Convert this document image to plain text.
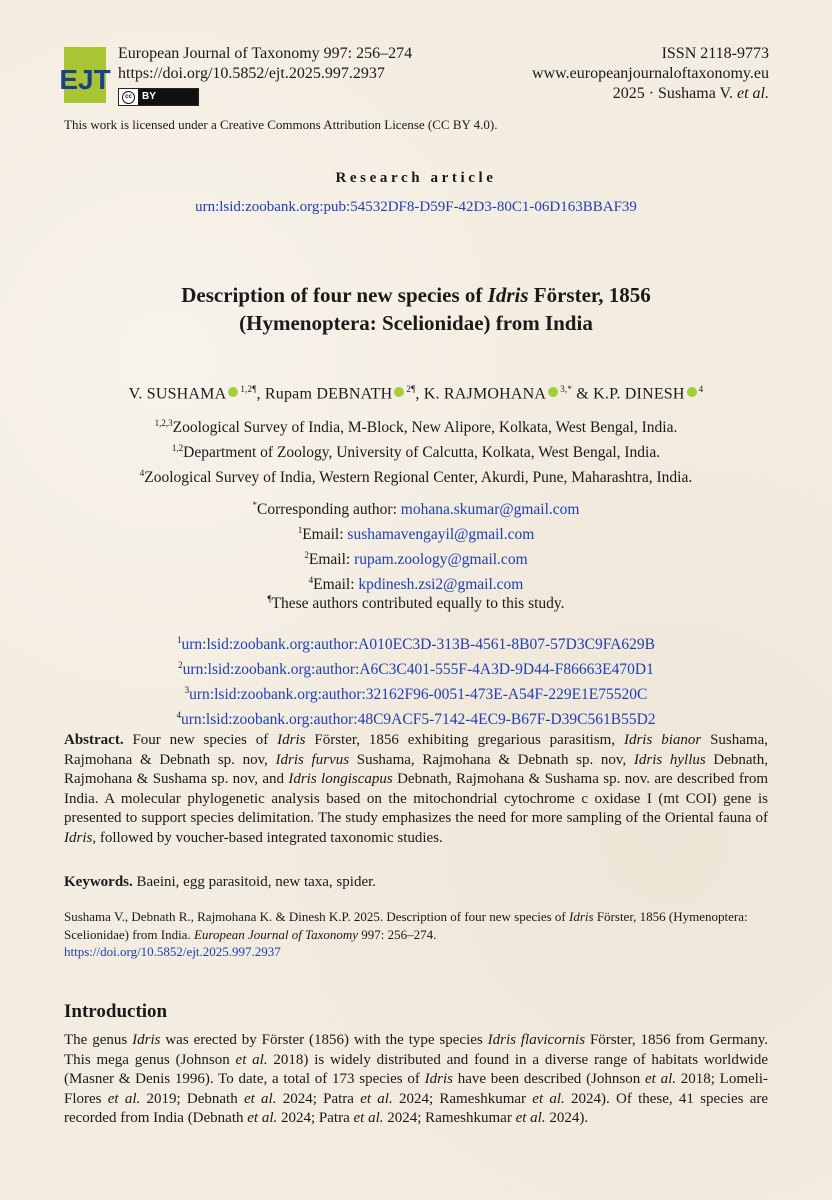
EJT
European Journal of Taxonomy 997: 256–274
https://doi.org/10.5852/ejt.2025.997.2937
cc	BY
ISSN 2118-9773
www.europeanjournaloftaxonomy.eu
2025 · Sushama V. et al.
This work is licensed under a Creative Commons Attribution License (CC BY 4.0).
Research article
urn:lsid:zoobank.org:pub:54532DF8-D59F-42D3-80C1-06D163BBAF39
Description of four new species of Idris Förster, 1856
(Hymenoptera: Scelionidae) from India
V. SUSHAMA $^{1,2\P}$, Rupam DEBNATH $^{2\P}$, K. RAJMOHANA $^{3,*}$ & K.P. DINESH $^4$
$^{1,2,3}$Zoological Survey of India, M-Block, New Alipore, Kolkata, West Bengal, India.
$^{1,2}$Department of Zoology, University of Calcutta, Kolkata, West Bengal, India.
$^4$Zoological Survey of India, Western Regional Center, Akurdi, Pune, Maharashtra, India.
*Corresponding author: mohana.skumar@gmail.com
$^1$Email: sushamavengayil@gmail.com
$^2$Email: rupam.zoology@gmail.com
$^4$Email: kpdinesh.zsi2@gmail.com
¶These authors contributed equally to this study.
$^1$urn:lsid:zoobank.org:author:A010EC3D-313B-4561-8B07-57D3C9FA629B
$^2$urn:lsid:zoobank.org:author:A6C3C401-555F-4A3D-9D44-F86663E470D1
$^3$urn:lsid:zoobank.org:author:32162F96-0051-473E-A54F-229E1E75520C
$^4$urn:lsid:zoobank.org:author:48C9ACF5-7142-4EC9-B67F-D39C561B55D2
Abstract. Four new species of Idris Förster, 1856 exhibiting gregarious parasitism, Idris bianor Sushama, Rajmohana & Debnath sp. nov, Idris furvus Sushama, Rajmohana & Debnath sp. nov, Idris hyllus Debnath, Rajmohana & Sushama sp. nov, and Idris longiscapus Debnath, Rajmohana & Sushama sp. nov. are described from India. A molecular phylogenetic analysis based on the mitochondrial cytochrome c oxidase I (mt COI) gene is presented to support species delimitation. The study emphasizes the need for more sampling of the Oriental fauna of Idris, followed by voucher-based integrated taxonomic studies.
Keywords. Baeini, egg parasitoid, new taxa, spider.
Sushama V., Debnath R., Rajmohana K. & Dinesh K.P. 2025. Description of four new species of Idris Förster, 1856 (Hymenoptera: Scelionidae) from India. European Journal of Taxonomy 997: 256–274.
https://doi.org/10.5852/ejt.2025.997.2937
Introduction
The genus Idris was erected by Förster (1856) with the type species Idris flavicornis Förster, 1856 from Germany. This mega genus (Johnson et al. 2018) is widely distributed and found in a diverse range of habitats worldwide (Masner & Denis 1996). To date, a total of 173 species of Idris have been described (Johnson et al. 2018; Lomeli-Flores et al. 2019; Debnath et al. 2024; Patra et al. 2024; Rameshkumar et al. 2024). Of these, 41 species are recorded from India (Debnath et al. 2024; Patra et al. 2024; Rameshkumar et al. 2024).
